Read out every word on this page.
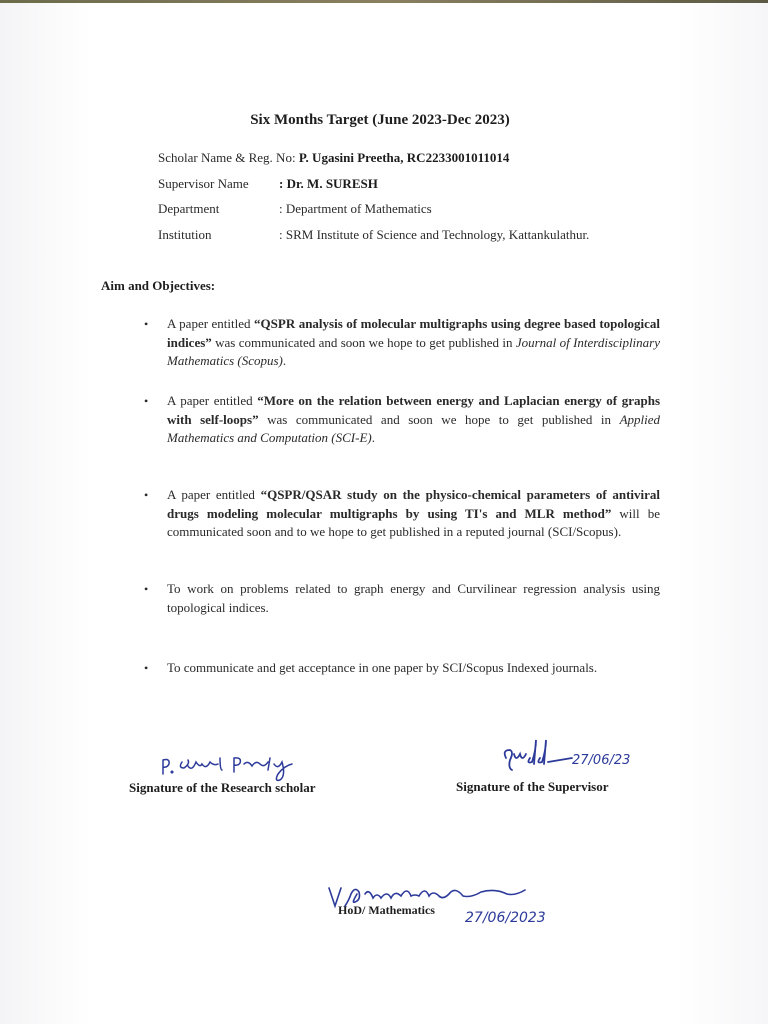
Six Months Target (June 2023-Dec 2023)
Scholar Name & Reg. No: P. Ugasini Preetha, RC2233001011014
Supervisor Name : Dr. M. SURESH
Department	: Department of Mathematics
Institution	: SRM Institute of Science and Technology, Kattankulathur.
Aim and Objectives:
• A paper entitled “QSPR analysis of molecular multigraphs using degree based topological indices” was communicated and soon we hope to get published in Journal of Interdisciplinary Mathematics (Scopus).
• A paper entitled “More on the relation between energy and Laplacian energy of graphs with self-loops” was communicated and soon we hope to get published in Applied Mathematics and Computation (SCI-E).
• A paper entitled “QSPR/QSAR study on the physico-chemical parameters of antiviral drugs modeling molecular multigraphs by using TI's and MLR method” will be communicated soon and to we hope to get published in a reputed journal (SCI/Scopus).
• To work on problems related to graph energy and Curvilinear regression analysis using topological indices.
• To communicate and get acceptance in one paper by SCI/Scopus Indexed journals.
Signature of the Research scholar
27/06/23
Signature of the Supervisor
27/06/2023
HoD/ Mathematics
